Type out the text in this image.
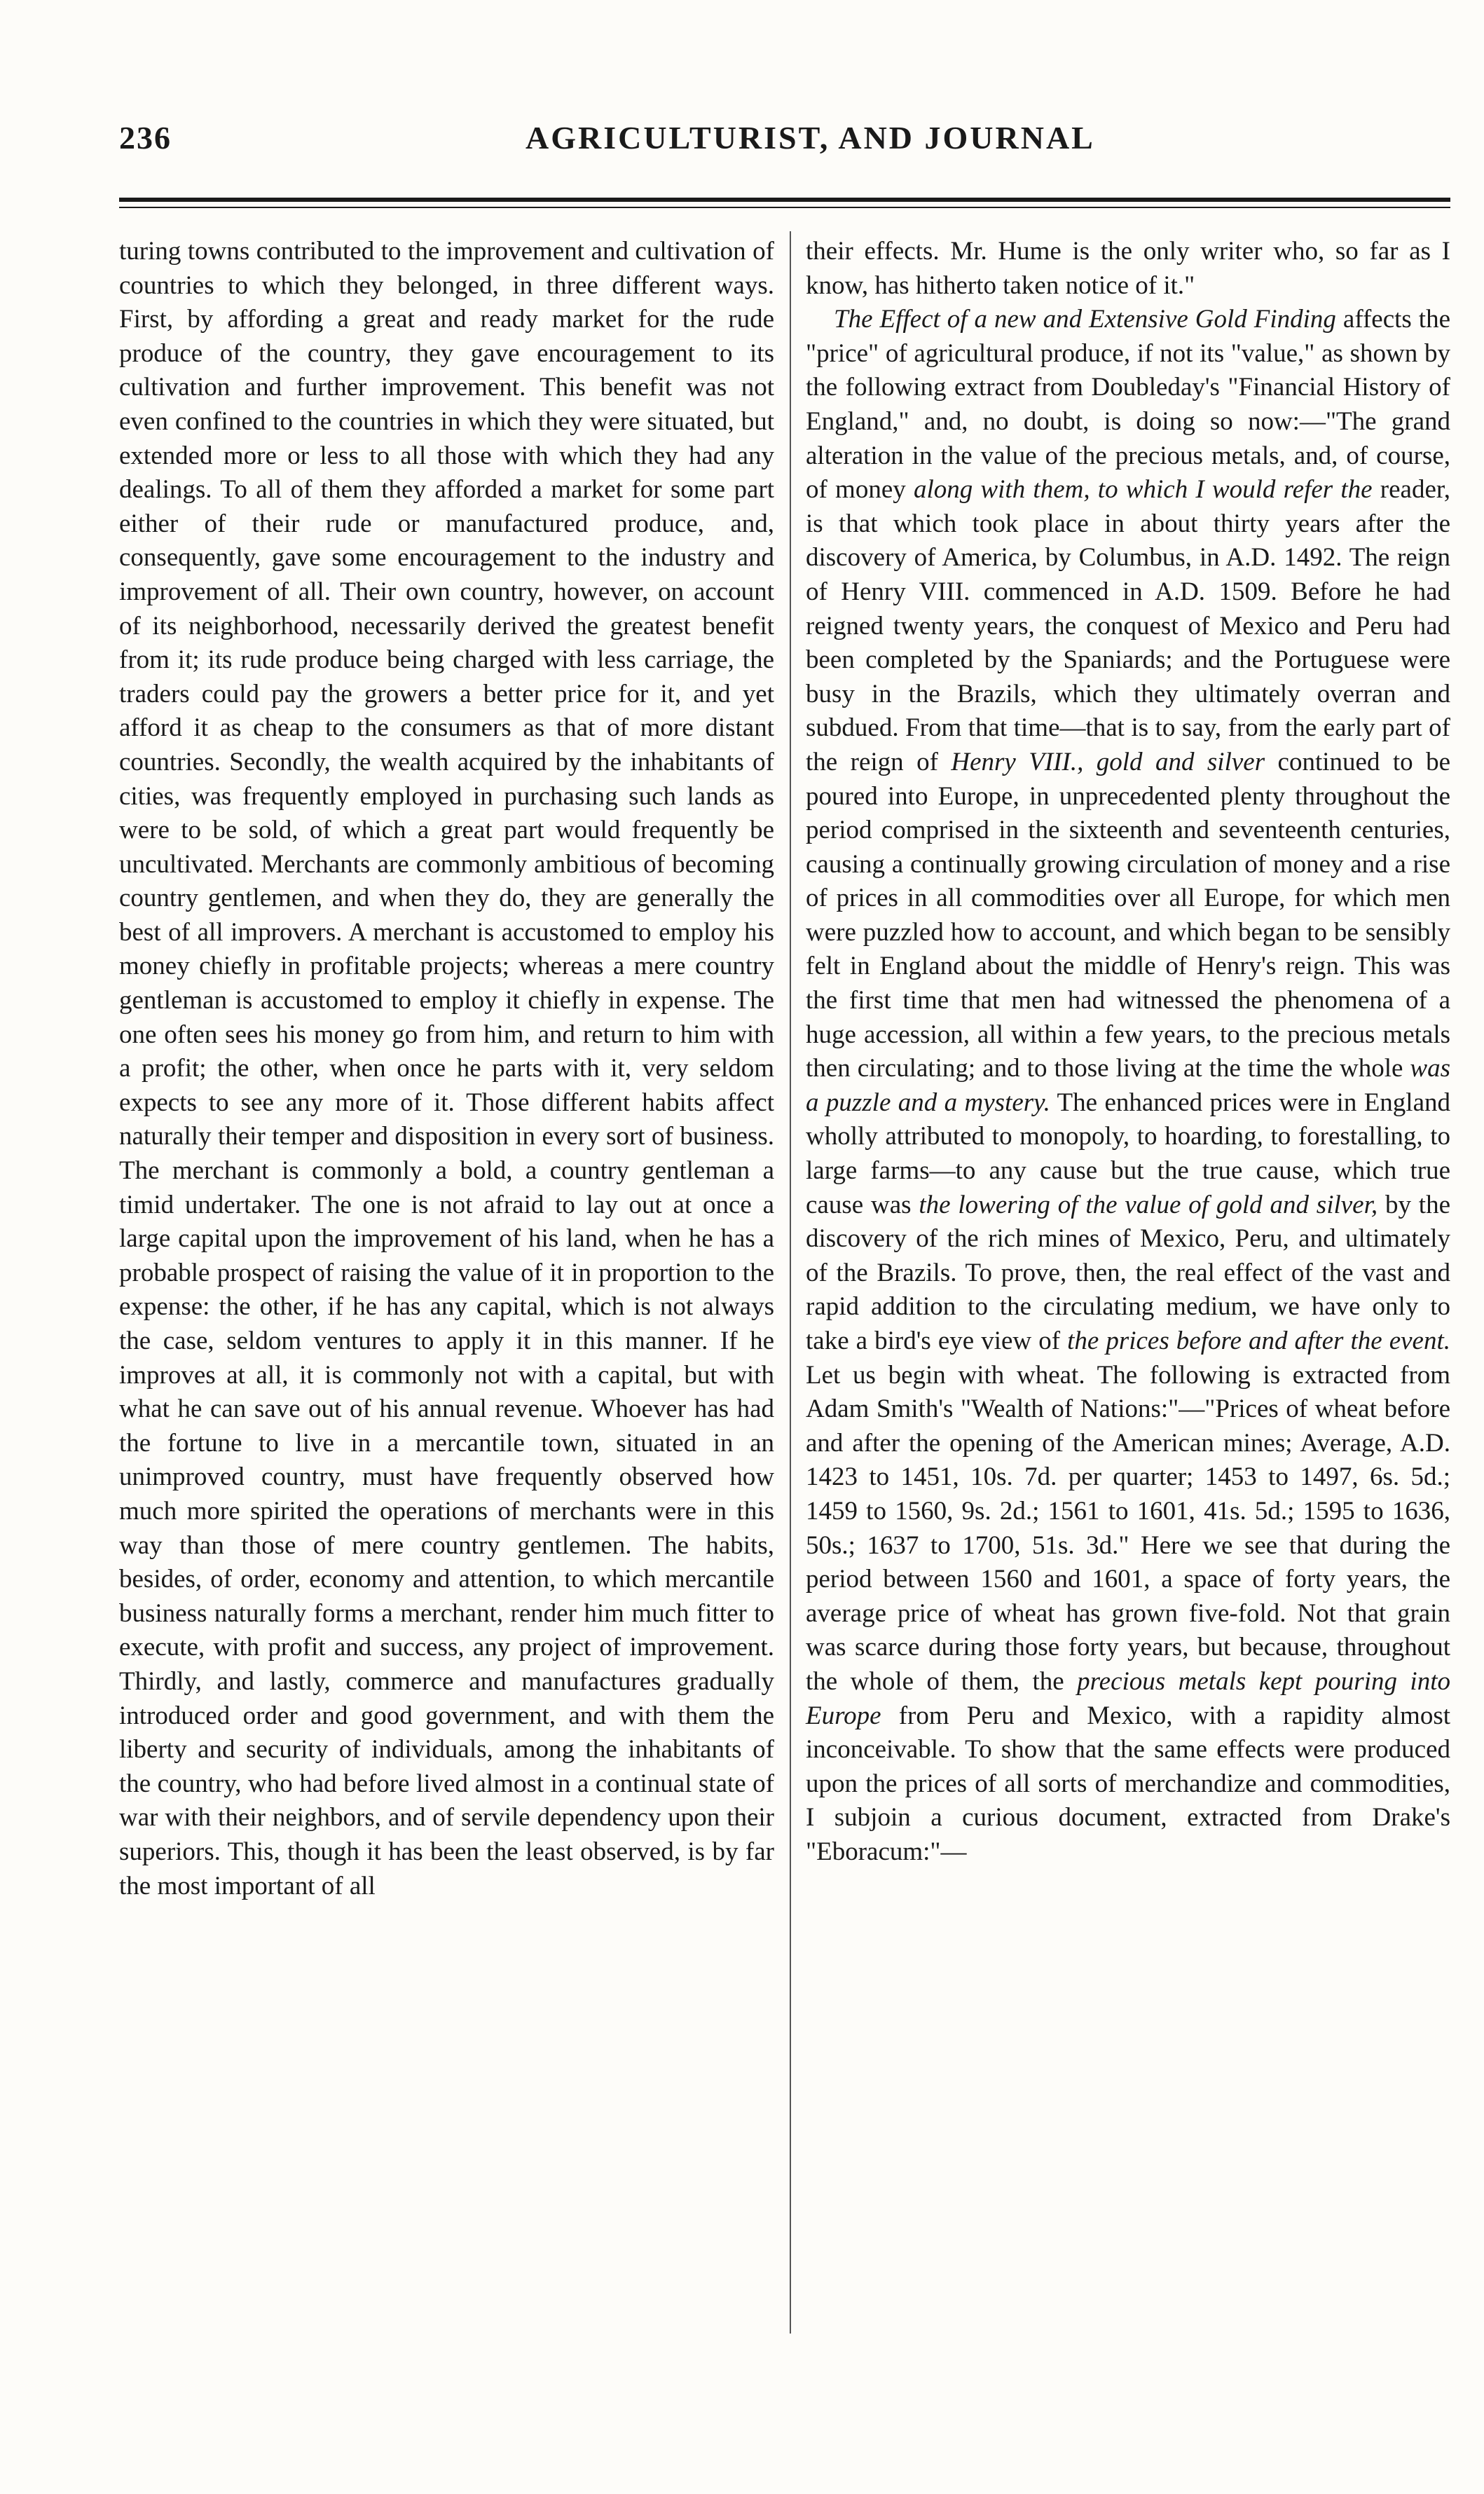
236	AGRICULTURIST, AND JOURNAL

turing towns contributed to the improvement and cultivation of countries to which they belonged, in three different ways. First, by affording a great and ready market for the rude produce of the country, they gave encouragement to its cultivation and further improvement. This benefit was not even confined to the countries in which they were situated, but extended more or less to all those with which they had any dealings. To all of them they afforded a market for some part either of their rude or manufactured produce, and, consequently, gave some encouragement to the industry and improvement of all. Their own country, however, on account of its neighborhood, necessarily derived the greatest benefit from it; its rude produce being charged with less carriage, the traders could pay the growers a better price for it, and yet afford it as cheap to the consumers as that of more distant countries. Secondly, the wealth acquired by the inhabitants of cities, was frequently employed in purchasing such lands as were to be sold, of which a great part would frequently be uncultivated. Merchants are commonly ambitious of becoming country gentlemen, and when they do, they are generally the best of all improvers. A merchant is accustomed to employ his money chiefly in profitable projects; whereas a mere country gentleman is accustomed to employ it chiefly in expense. The one often sees his money go from him, and return to him with a profit; the other, when once he parts with it, very seldom expects to see any more of it. Those different habits affect naturally their temper and disposition in every sort of business. The merchant is commonly a bold, a country gentleman a timid undertaker. The one is not afraid to lay out at once a large capital upon the improvement of his land, when he has a probable prospect of raising the value of it in proportion to the expense: the other, if he has any capital, which is not always the case, seldom ventures to apply it in this manner. If he improves at all, it is commonly not with a capital, but with what he can save out of his annual revenue. Whoever has had the fortune to live in a mercantile town, situated in an unimproved country, must have frequently observed how much more spirited the operations of merchants were in this way than those of mere country gentlemen. The habits, besides, of order, economy and attention, to which mercantile business naturally forms a merchant, render him much fitter to execute, with profit and success, any project of improvement. Thirdly, and lastly, commerce and manufactures gradually introduced order and good government, and with them the liberty and security of individuals, among the inhabitants of the country, who had before lived almost in a continual state of war with their neighbors, and of servile dependency upon their superiors. This, though it has been the least observed, is by far the most important of all

their effects. Mr. Hume is the only writer who, so far as I know, has hitherto taken notice of it."

The Effect of a new and Extensive Gold Finding affects the "price" of agricultural produce, if not its "value," as shown by the following extract from Doubleday's "Financial History of England," and, no doubt, is doing so now:—"The grand alteration in the value of the precious metals, and, of course, of money along with them, to which I would refer the reader, is that which took place in about thirty years after the discovery of America, by Columbus, in A.D. 1492. The reign of Henry VIII. commenced in A.D. 1509. Before he had reigned twenty years, the conquest of Mexico and Peru had been completed by the Spaniards; and the Portuguese were busy in the Brazils, which they ultimately overran and subdued. From that time—that is to say, from the early part of the reign of Henry VIII., gold and silver continued to be poured into Europe, in unprecedented plenty throughout the period comprised in the sixteenth and seventeenth centuries, causing a continually growing circulation of money and a rise of prices in all commodities over all Europe, for which men were puzzled how to account, and which began to be sensibly felt in England about the middle of Henry's reign. This was the first time that men had witnessed the phenomena of a huge accession, all within a few years, to the precious metals then circulating; and to those living at the time the whole was a puzzle and a mystery. The enhanced prices were in England wholly attributed to monopoly, to hoarding, to forestalling, to large farms—to any cause but the true cause, which true cause was the lowering of the value of gold and silver, by the discovery of the rich mines of Mexico, Peru, and ultimately of the Brazils. To prove, then, the real effect of the vast and rapid addition to the circulating medium, we have only to take a bird's eye view of the prices before and after the event. Let us begin with wheat. The following is extracted from Adam Smith's "Wealth of Nations:"—"Prices of wheat before and after the opening of the American mines; Average, A.D. 1423 to 1451, 10s. 7d. per quarter; 1453 to 1497, 6s. 5d.; 1459 to 1560, 9s. 2d.; 1561 to 1601, 41s. 5d.; 1595 to 1636, 50s.; 1637 to 1700, 51s. 3d." Here we see that during the period between 1560 and 1601, a space of forty years, the average price of wheat has grown five-fold. Not that grain was scarce during those forty years, but because, throughout the whole of them, the precious metals kept pouring into Europe from Peru and Mexico, with a rapidity almost inconceivable. To show that the same effects were produced upon the prices of all sorts of merchandize and commodities, I subjoin a curious document, extracted from Drake's "Eboracum:"—
